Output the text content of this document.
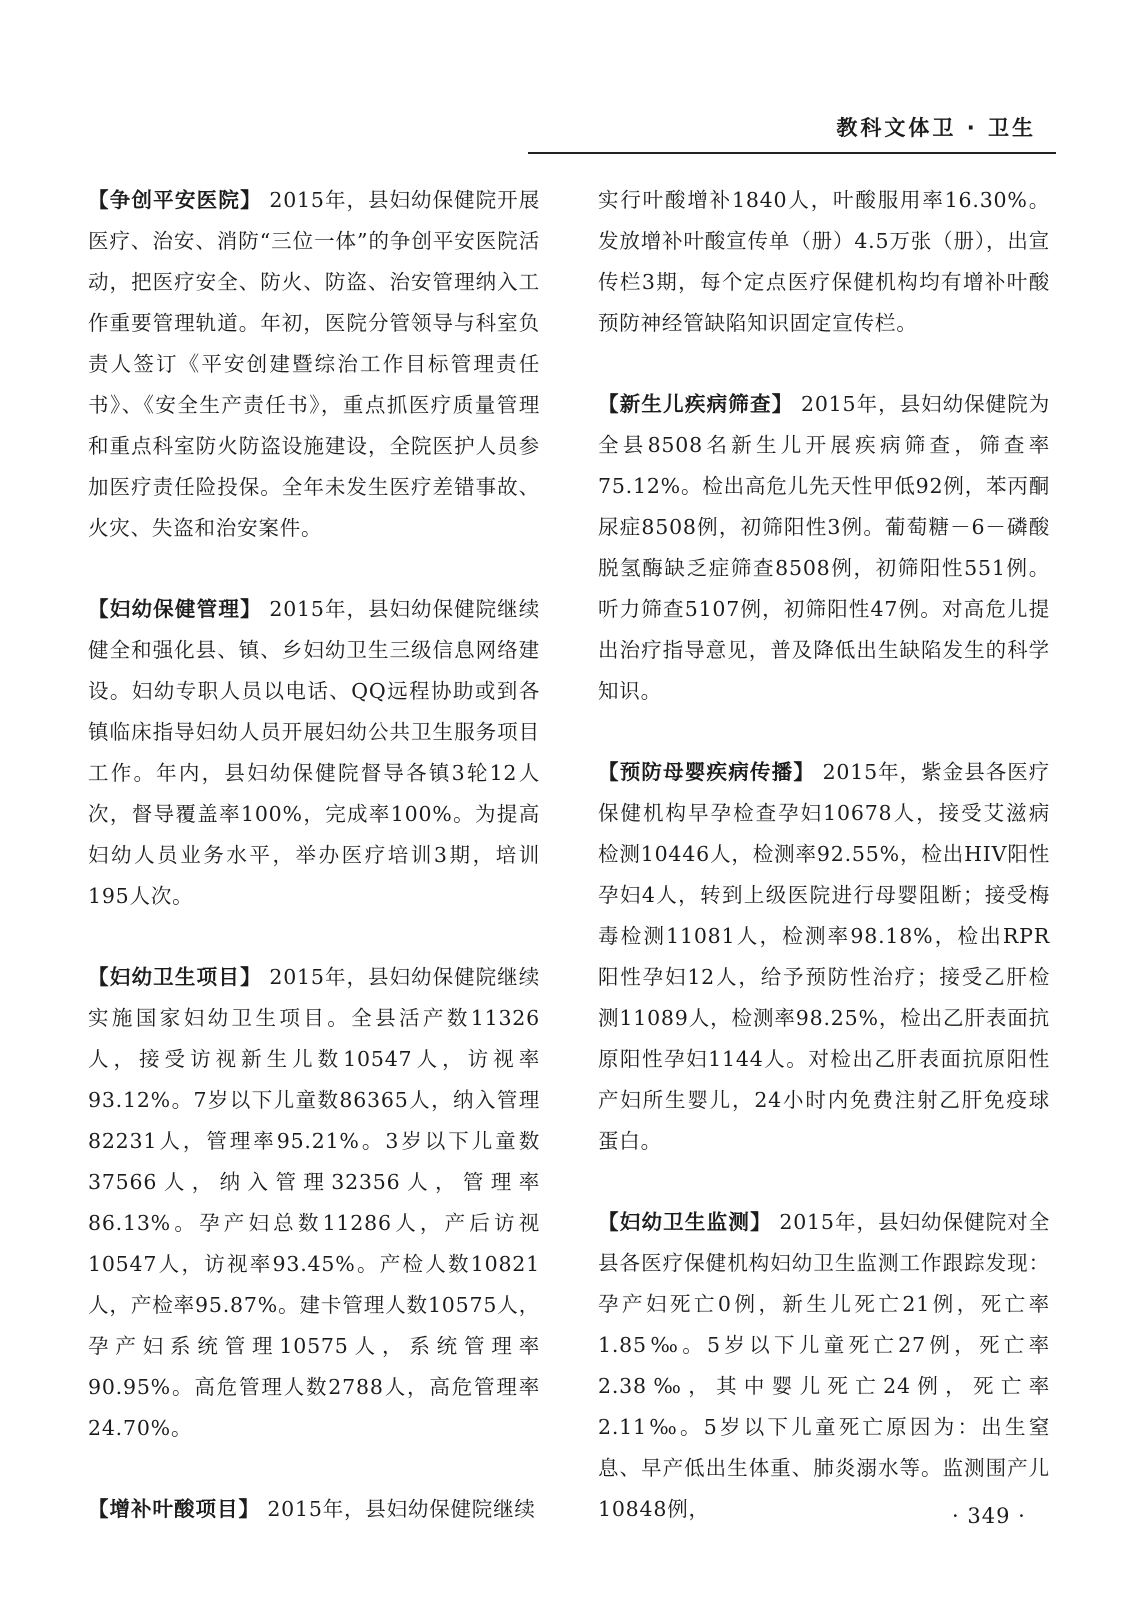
教科文体卫 · 卫生

【争创平安医院】 2015年，县妇幼保健院开展医疗、治安、消防“三位一体”的争创平安医院活动，把医疗安全、防火、防盗、治安管理纳入工作重要管理轨道。年初，医院分管领导与科室负责人签订《平安创建暨综治工作目标管理责任书》、《安全生产责任书》，重点抓医疗质量管理和重点科室防火防盗设施建设，全院医护人员参加医疗责任险投保。全年未发生医疗差错事故、火灾、失盗和治安案件。

【妇幼保健管理】 2015年，县妇幼保健院继续健全和强化县、镇、乡妇幼卫生三级信息网络建设。妇幼专职人员以电话、QQ远程协助或到各镇临床指导妇幼人员开展妇幼公共卫生服务项目工作。年内，县妇幼保健院督导各镇3轮12人次，督导覆盖率100%，完成率100%。为提高妇幼人员业务水平，举办医疗培训3期，培训195人次。

【妇幼卫生项目】 2015年，县妇幼保健院继续实施国家妇幼卫生项目。全县活产数11326人，接受访视新生儿数10547人，访视率93.12%。7岁以下儿童数86365人，纳入管理82231人，管理率95.21%。3岁以下儿童数37566人，纳入管理32356人，管理率86.13%。孕产妇总数11286人，产后访视10547人，访视率93.45%。产检人数10821人，产检率95.87%。建卡管理人数10575人，孕产妇系统管理10575人，系统管理率90.95%。高危管理人数2788人，高危管理率24.70%。

【增补叶酸项目】 2015年，县妇幼保健院继续

实行叶酸增补1840人，叶酸服用率16.30%。发放增补叶酸宣传单（册）4.5万张（册），出宣传栏3期，每个定点医疗保健机构均有增补叶酸预防神经管缺陷知识固定宣传栏。

【新生儿疾病筛查】 2015年，县妇幼保健院为全县8508名新生儿开展疾病筛查，筛查率75.12%。检出高危儿先天性甲低92例，苯丙酮尿症8508例，初筛阳性3例。葡萄糖－6－磷酸脱氢酶缺乏症筛查8508例，初筛阳性551例。听力筛查5107例，初筛阳性47例。对高危儿提出治疗指导意见，普及降低出生缺陷发生的科学知识。

【预防母婴疾病传播】 2015年，紫金县各医疗保健机构早孕检查孕妇10678人，接受艾滋病检测10446人，检测率92.55%，检出HIV阳性孕妇4人，转到上级医院进行母婴阻断；接受梅毒检测11081人，检测率98.18%，检出RPR阳性孕妇12人，给予预防性治疗；接受乙肝检测11089人，检测率98.25%，检出乙肝表面抗原阳性孕妇1144人。对检出乙肝表面抗原阳性产妇所生婴儿，24小时内免费注射乙肝免疫球蛋白。

【妇幼卫生监测】 2015年，县妇幼保健院对全县各医疗保健机构妇幼卫生监测工作跟踪发现：孕产妇死亡0例，新生儿死亡21例，死亡率1.85‰。5岁以下儿童死亡27例，死亡率2.38‰，其中婴儿死亡24例，死亡率2.11‰。5岁以下儿童死亡原因为：出生窒息、早产低出生体重、肺炎溺水等。监测围产儿10848例，	· 349 ·
